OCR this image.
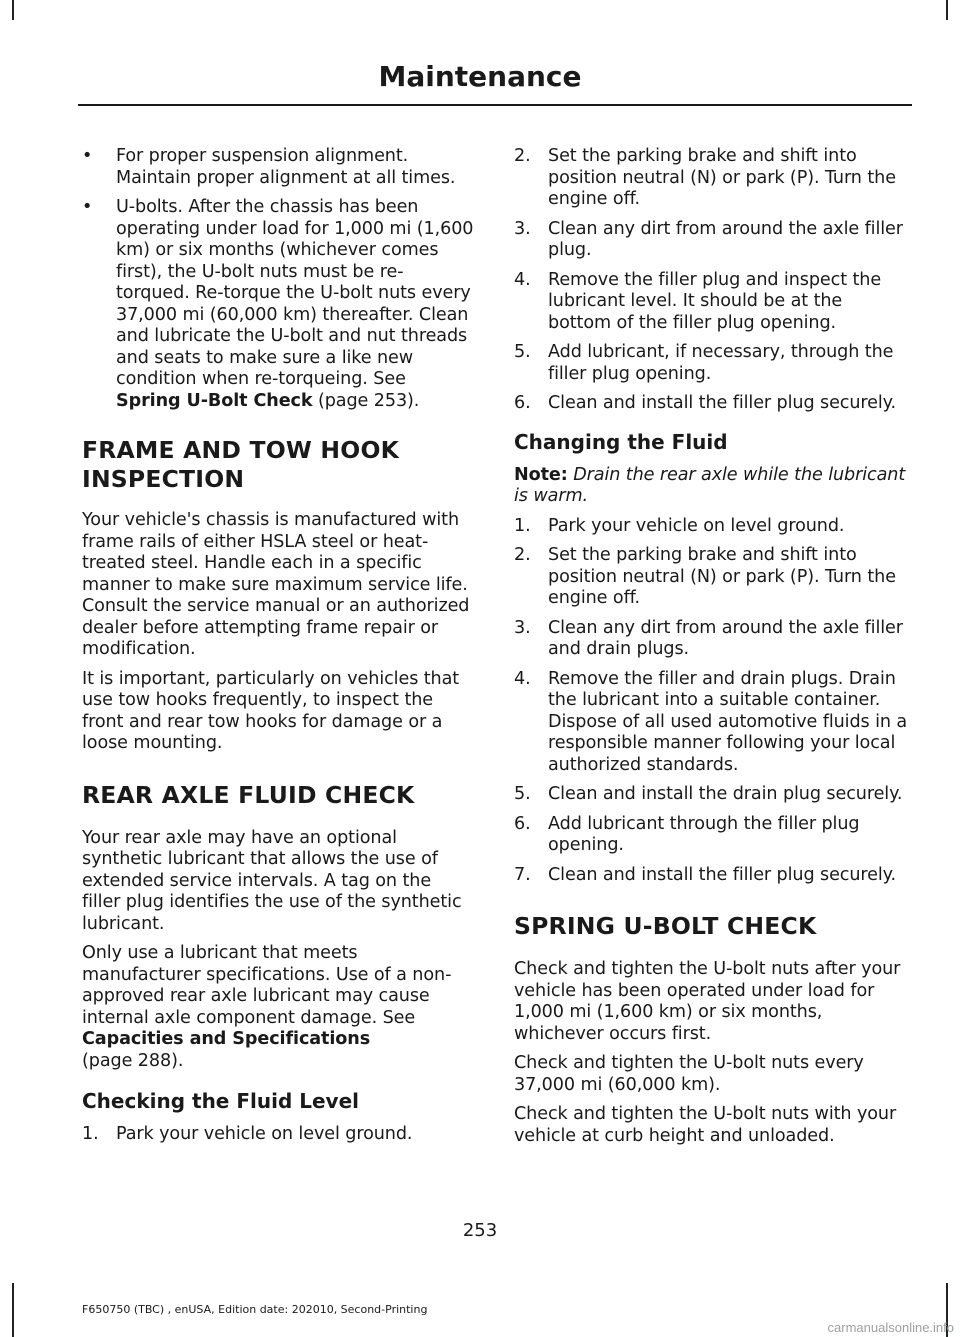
Maintenance
•	For proper suspension alignment. Maintain proper alignment at all times.
•	U-bolts. After the chassis has been operating under load for 1,000 mi (1,600 km) or six months (whichever comes first), the U-bolt nuts must be re-torqued. Re-torque the U-bolt nuts every 37,000 mi (60,000 km) thereafter. Clean and lubricate the U-bolt and nut threads and seats to make sure a like new condition when re-torqueing. See Spring U-Bolt Check (page 253).
FRAME AND TOW HOOK
INSPECTION

Your vehicle's chassis is manufactured with frame rails of either HSLA steel or heat-treated steel. Handle each in a specific manner to make sure maximum service life. Consult the service manual or an authorized dealer before attempting frame repair or modification.

It is important, particularly on vehicles that use tow hooks frequently, to inspect the front and rear tow hooks for damage or a loose mounting.

REAR AXLE FLUID CHECK

Your rear axle may have an optional synthetic lubricant that allows the use of extended service intervals. A tag on the filler plug identifies the use of the synthetic lubricant.

Only use a lubricant that meets manufacturer specifications. Use of a non-approved rear axle lubricant may cause internal axle component damage. See Capacities and Specifications
(page 288).

Checking the Fluid Level
1. Park your vehicle on level ground.
2. Set the parking brake and shift into position neutral (N) or park (P). Turn the engine off.
3. Clean any dirt from around the axle filler plug.
4. Remove the filler plug and inspect the lubricant level. It should be at the bottom of the filler plug opening.
5. Add lubricant, if necessary, through the filler plug opening.
6. Clean and install the filler plug securely.
Changing the Fluid

Note: Drain the rear axle while the lubricant is warm.

1. Park your vehicle on level ground.
2. Set the parking brake and shift into position neutral (N) or park (P). Turn the engine off.
3. Clean any dirt from around the axle filler and drain plugs.
4. Remove the filler and drain plugs. Drain the lubricant into a suitable container. Dispose of all used automotive fluids in a responsible manner following your local authorized standards.
5. Clean and install the drain plug securely.
6. Add lubricant through the filler plug opening.
7. Clean and install the filler plug securely.
SPRING U-BOLT CHECK

Check and tighten the U-bolt nuts after your vehicle has been operated under load for 1,000 mi (1,600 km) or six months, whichever occurs first.

Check and tighten the U-bolt nuts every 37,000 mi (60,000 km).

Check and tighten the U-bolt nuts with your vehicle at curb height and unloaded.

253
F650750 (TBC) , enUSA, Edition date: 202010, Second-Printing
carmanualsonline.info
